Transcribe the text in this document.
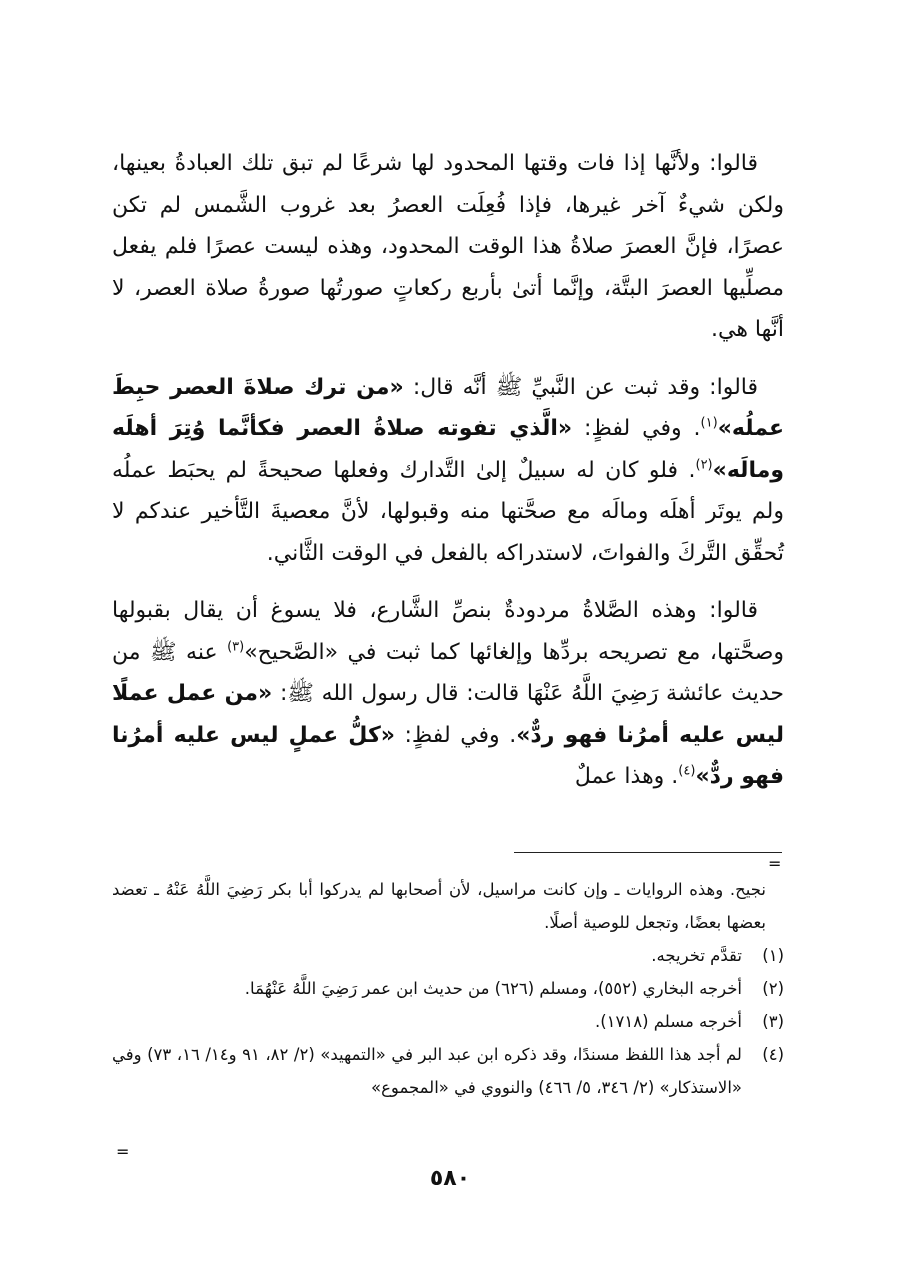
قالوا: ولأنَّها إذا فات وقتها المحدود لها شرعًا لم تبق تلك العبادةُ بعينها، ولكن شيءٌ آخر غيرها، فإذا فُعِلَت العصرُ بعد غروب الشَّمس لم تكن عصرًا، فإنَّ العصرَ صلاةُ هذا الوقت المحدود، وهذه ليست عصرًا فلم يفعل مصلِّيها العصرَ البتَّة، وإنَّما أتىٰ بأربع ركعاتٍ صورتُها صورةُ صلاة العصر، لا أنَّها هي.

قالوا: وقد ثبت عن النَّبيِّ ﷺ أنَّه قال: «من ترك صلاةَ العصر حبِطَ عملُه»$^{(١)}$. وفي لفظٍ: «الَّذي تفوته صلاةُ العصر فكأنَّما وُتِرَ أهلَه ومالَه»$^{(٢)}$. فلو كان له سبيلٌ إلىٰ التَّدارك وفعلها صحيحةً لم يحبَط عملُه ولم يوتَر أهلَه ومالَه مع صحَّتها منه وقبولها، لأنَّ معصيةَ التَّأخير عندكم لا تُحقِّق التَّركَ والفواتَ، لاستدراكه بالفعل في الوقت الثَّاني.

قالوا: وهذه الصَّلاةُ مردودةٌ بنصِّ الشَّارع، فلا يسوغ أن يقال بقبولها وصحَّتها، مع تصريحه بردِّها وإلغائها كما ثبت في «الصَّحيح»$^{(٣)}$ عنه ﷺ من حديث عائشة رَضِيَ اللَّهُ عَنْهَا قالت: قال رسول الله ﷺ: «من عمل عملًا ليس عليه أمرُنا فهو ردٌّ». وفي لفظٍ: «كلُّ عملٍ ليس عليه أمرُنا فهو ردٌّ»$^{(٤)}$. وهذا عملٌ

=
نجيح. وهذه الروايات ـ وإن كانت مراسيل، لأن أصحابها لم يدركوا أبا بكر رَضِيَ اللَّهُ عَنْهُ ـ تعضد بعضها بعضًا، وتجعل للوصية أصلًا.
(١)
تقدَّم تخريجه.
(٢)
أخرجه البخاري (٥٥٢)، ومسلم (٦٢٦) من حديث ابن عمر رَضِيَ اللَّهُ عَنْهُمَا.
(٣)
أخرجه مسلم (١٧١٨).
(٤)
لم أجد هذا اللفظ مسندًا، وقد ذكره ابن عبد البر في «التمهيد» (٢/ ٨٢، ٩١ و١٤/ ١٦، ٧٣) وفي «الاستذكار» (٢/ ٣٤٦، ٥/ ٤٦٦) والنووي في «المجموع»
=
٥٨٠
